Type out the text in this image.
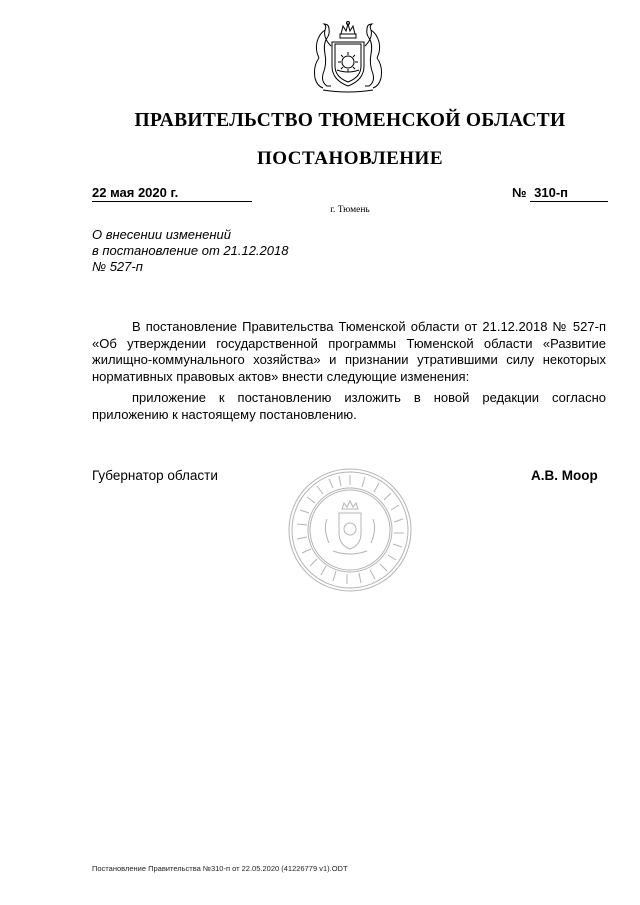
ПРАВИТЕЛЬСТВО ТЮМЕНСКОЙ ОБЛАСТИ
ПОСТАНОВЛЕНИЕ
22 мая 2020 г.	№ 310-п
г. Тюмень
О внесении изменений
в постановление от 21.12.2018
№ 527-п

В постановление Правительства Тюменской области от 21.12.2018 № 527-п «Об утверждении государственной программы Тюменской области «Развитие жилищно-коммунального хозяйства» и признании утратившими силу некоторых нормативных правовых актов» внести следующие изменения:

приложение к постановлению изложить в новой редакции согласно приложению к настоящему постановлению.

Губернатор области	А.В. Моор
Постановление Правительства №310-п от 22.05.2020 (41226779 v1).ODT
